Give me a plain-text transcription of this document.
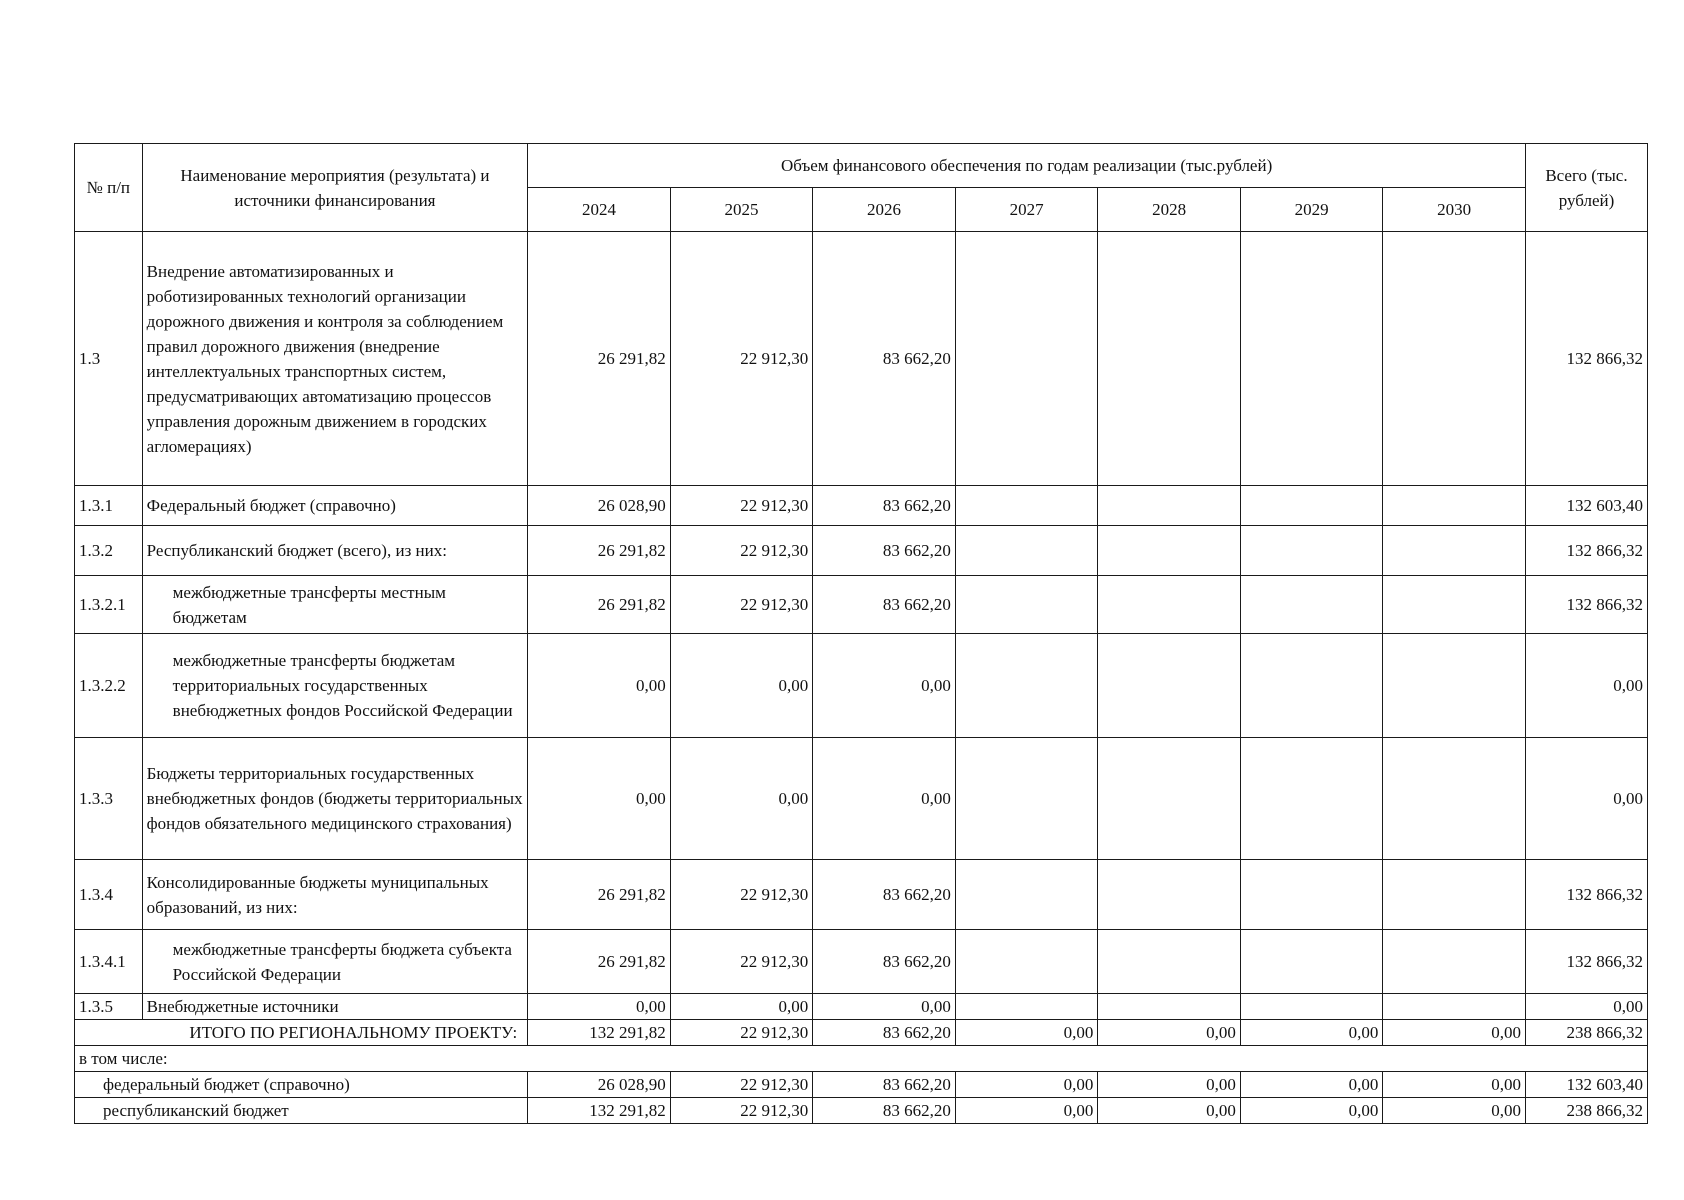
№ п/п	Наименование мероприятия (результата) и источники финансирования	Объем финансового обеспечения по годам реализации (тыс.рублей)							Всего (тыс. рублей)
		2024	2025	2026	2027	2028	2029	2030	
1.3	Внедрение автоматизированных и роботизированных технологий организации дорожного движения и контроля за соблюдением правил дорожного движения (внедрение интеллектуальных транспортных систем, предусматривающих автоматизацию процессов управления дорожным движением в городских агломерациях)	26 291,82	22 912,30	83 662,20					132 866,32
1.3.1	Федеральный бюджет (справочно)	26 028,90	22 912,30	83 662,20					132 603,40
1.3.2	Республиканский бюджет (всего), из них:	26 291,82	22 912,30	83 662,20					132 866,32
1.3.2.1	межбюджетные трансферты местным бюджетам	26 291,82	22 912,30	83 662,20					132 866,32
1.3.2.2	межбюджетные трансферты бюджетам территориальных государственных внебюджетных фондов Российской Федерации	0,00	0,00	0,00					0,00
1.3.3	Бюджеты территориальных государственных внебюджетных фондов (бюджеты территориальных фондов обязательного медицинского страхования)	0,00	0,00	0,00					0,00
1.3.4	Консолидированные бюджеты муниципальных образований, из них:	26 291,82	22 912,30	83 662,20					132 866,32
1.3.4.1	межбюджетные трансферты бюджета субъекта Российской Федерации	26 291,82	22 912,30	83 662,20					132 866,32
1.3.5	Внебюджетные источники	0,00	0,00	0,00					0,00
ИТОГО ПО РЕГИОНАЛЬНОМУ ПРОЕКТУ:		132 291,82	22 912,30	83 662,20	0,00	0,00	0,00	0,00	238 866,32
в том числе:									
федеральный бюджет (справочно)		26 028,90	22 912,30	83 662,20	0,00	0,00	0,00	0,00	132 603,40
республиканский бюджет		132 291,82	22 912,30	83 662,20	0,00	0,00	0,00	0,00	238 866,32
